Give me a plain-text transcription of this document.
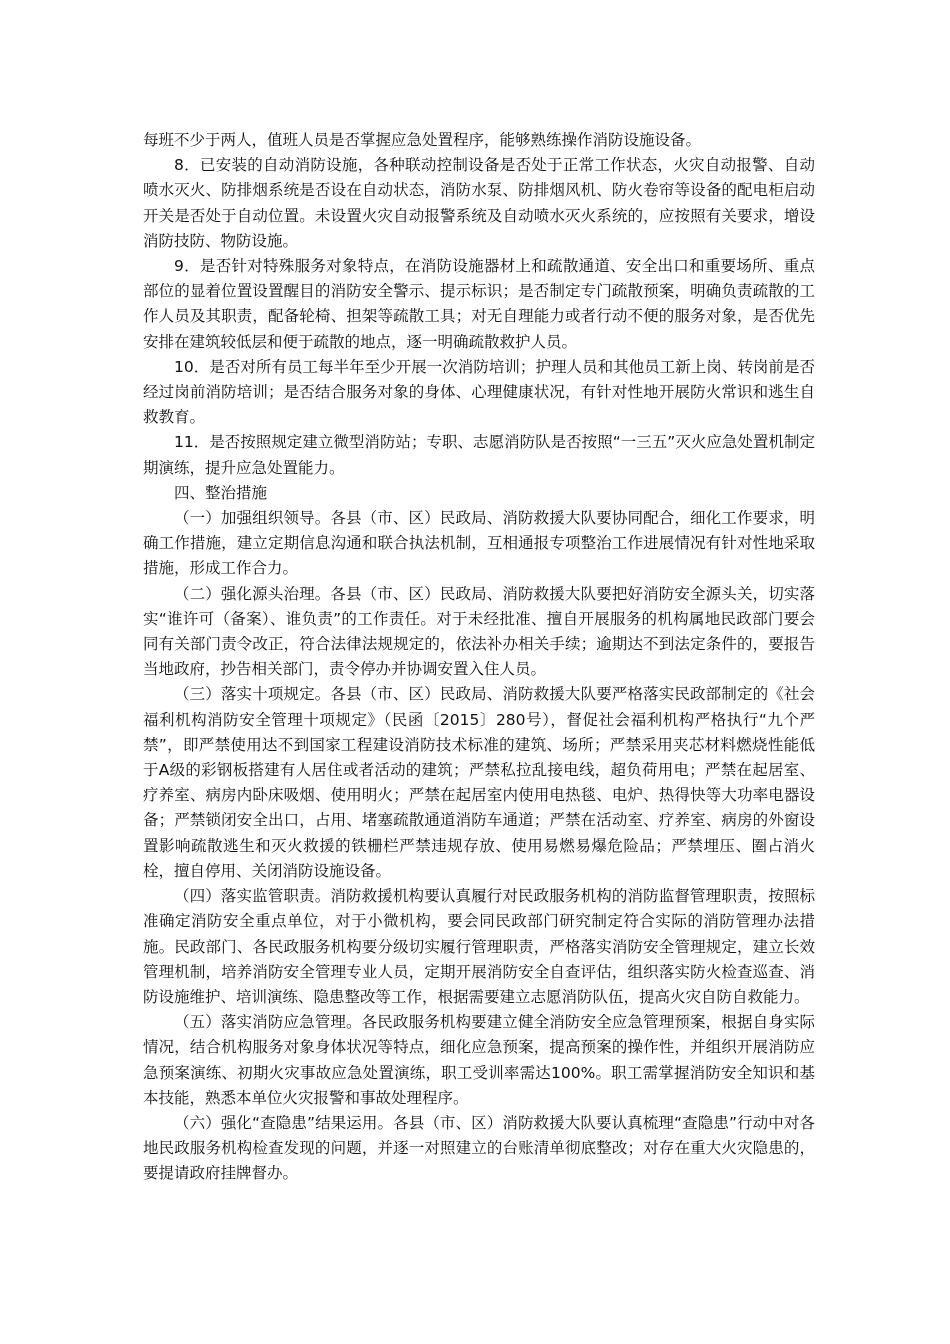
每班不少于两人，值班人员是否掌握应急处置程序，能够熟练操作消防设施设备。

8．已安装的自动消防设施，各种联动控制设备是否处于正常工作状态，火灾自动报警、自动喷水灭火、防排烟系统是否设在自动状态，消防水泵、防排烟风机、防火卷帘等设备的配电柜启动开关是否处于自动位置。未设置火灾自动报警系统及自动喷水灭火系统的，应按照有关要求，增设消防技防、物防设施。

9．是否针对特殊服务对象特点，在消防设施器材上和疏散通道、安全出口和重要场所、重点部位的显着位置设置醒目的消防安全警示、提示标识；是否制定专门疏散预案，明确负责疏散的工作人员及其职责，配备轮椅、担架等疏散工具；对无自理能力或者行动不便的服务对象，是否优先安排在建筑较低层和便于疏散的地点，逐一明确疏散救护人员。

10．是否对所有员工每半年至少开展一次消防培训；护理人员和其他员工新上岗、转岗前是否经过岗前消防培训；是否结合服务对象的身体、心理健康状况，有针对性地开展防火常识和逃生自救教育。

11．是否按照规定建立微型消防站；专职、志愿消防队是否按照“一三五”灭火应急处置机制定期演练，提升应急处置能力。

四、整治措施

（一）加强组织领导。各县（市、区）民政局、消防救援大队要协同配合，细化工作要求，明确工作措施，建立定期信息沟通和联合执法机制，互相通报专项整治工作进展情况有针对性地采取措施，形成工作合力。

（二）强化源头治理。各县（市、区）民政局、消防救援大队要把好消防安全源头关，切实落实“谁许可（备案）、谁负责”的工作责任。对于未经批准、擅自开展服务的机构属地民政部门要会同有关部门责令改正，符合法律法规规定的，依法补办相关手续；逾期达不到法定条件的，要报告当地政府，抄告相关部门，责令停办并协调安置入住人员。

（三）落实十项规定。各县（市、区）民政局、消防救援大队要严格落实民政部制定的《社会福利机构消防安全管理十项规定》（民函〔2015〕280号），督促社会福利机构严格执行“九个严禁”，即严禁使用达不到国家工程建设消防技术标准的建筑、场所；严禁采用夹芯材料燃烧性能低于A级的彩钢板搭建有人居住或者活动的建筑；严禁私拉乱接电线，超负荷用电；严禁在起居室、疗养室、病房内卧床吸烟、使用明火；严禁在起居室内使用电热毯、电炉、热得快等大功率电器设备；严禁锁闭安全出口，占用、堵塞疏散通道消防车通道；严禁在活动室、疗养室、病房的外窗设置影响疏散逃生和灭火救援的铁栅栏严禁违规存放、使用易燃易爆危险品；严禁埋压、圈占消火栓，擅自停用、关闭消防设施设备。

（四）落实监管职责。消防救援机构要认真履行对民政服务机构的消防监督管理职责，按照标准确定消防安全重点单位，对于小微机构，要会同民政部门研究制定符合实际的消防管理办法措施。民政部门、各民政服务机构要分级切实履行管理职责，严格落实消防安全管理规定，建立长效管理机制，培养消防安全管理专业人员，定期开展消防安全自查评估，组织落实防火检查巡查、消防设施维护、培训演练、隐患整改等工作，根据需要建立志愿消防队伍，提高火灾自防自救能力。

（五）落实消防应急管理。各民政服务机构要建立健全消防安全应急管理预案，根据自身实际情况，结合机构服务对象身体状况等特点，细化应急预案，提高预案的操作性，并组织开展消防应急预案演练、初期火灾事故应急处置演练，职工受训率需达100%。职工需掌握消防安全知识和基本技能，熟悉本单位火灾报警和事故处理程序。

（六）强化“查隐患”结果运用。各县（市、区）消防救援大队要认真梳理“查隐患”行动中对各地民政服务机构检查发现的问题，并逐一对照建立的台账清单彻底整改；对存在重大火灾隐患的，要提请政府挂牌督办。
